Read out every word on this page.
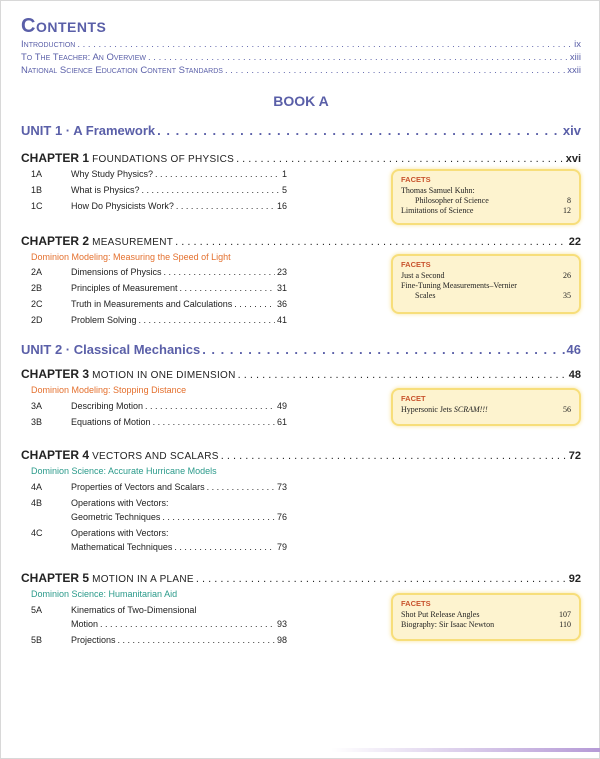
Contents
Introduction . . .	ix
To The Teacher: An Overview . . .	xiii
National Science Education Content Standards . . .	xxii
BOOK A
UNIT 1 · A Framework . . .	xiv
CHAPTER 1 FOUNDATIONS OF PHYSICS . . .	xvi
1A	Why Study Physics? . . .	1
1B	What is Physics? . . .	5
1C	How Do Physicists Work? . . .	16
FACETS
Thomas Samuel Kuhn:
Philosopher of Science	8
Limitations of Science	12
CHAPTER 2 MEASUREMENT . . .	22
Dominion Modeling: Measuring the Speed of Light
2A	Dimensions of Physics . . .	23
2B	Principles of Measurement . . .	31
2C	Truth in Measurements and Calculations . . .	36
2D	Problem Solving . . .	41
FACETS
Just a Second	26
Fine-Tuning Measurements–Vernier
Scales	35
UNIT 2 · Classical Mechanics . . .	46
CHAPTER 3 MOTION IN ONE DIMENSION . . .	48
Dominion Modeling: Stopping Distance
3A	Describing Motion . . .	49
3B	Equations of Motion . . .	61
FACET
Hypersonic Jets SCRAM!!!	56
CHAPTER 4 VECTORS AND SCALARS . . .	72
Dominion Science: Accurate Hurricane Models
4A	Properties of Vectors and Scalars . . .	73
4B	Operations with Vectors:
Geometric Techniques . . .	76
4C	Operations with Vectors:
Mathematical Techniques . . .	79
CHAPTER 5 MOTION IN A PLANE . . .	92
Dominion Science: Humanitarian Aid
5A	Kinematics of Two-Dimensional
Motion . . .	93
5B	Projections . . .	98
FACETS
Shot Put Release Angles	107
Biography: Sir Isaac Newton	110
